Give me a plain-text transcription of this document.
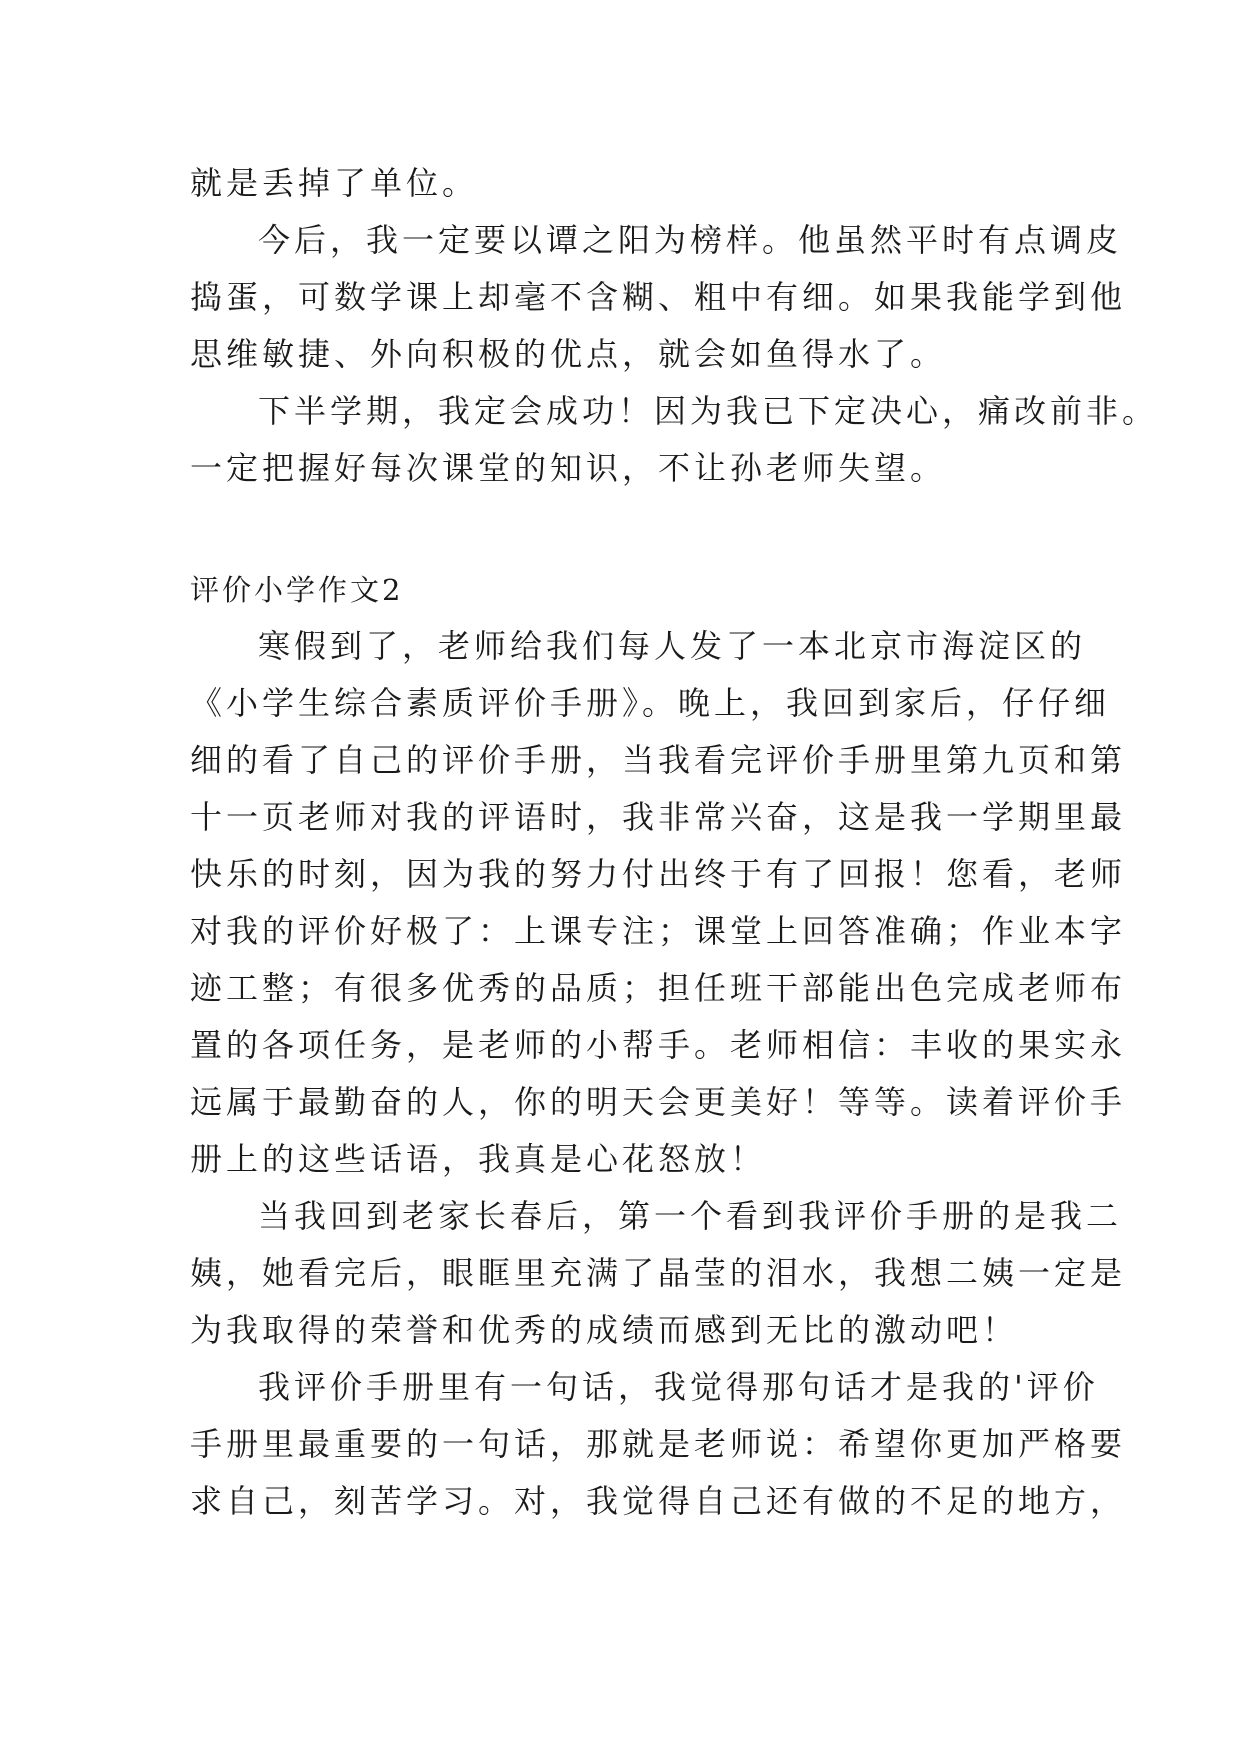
就是丢掉了单位。
今后，我一定要以谭之阳为榜样。他虽然平时有点调皮
捣蛋，可数学课上却毫不含糊、粗中有细。如果我能学到他
思维敏捷、外向积极的优点，就会如鱼得水了。
下半学期，我定会成功！因为我已下定决心，痛改前非。
一定把握好每次课堂的知识，不让孙老师失望。
评价小学作文2
寒假到了，老师给我们每人发了一本北京市海淀区的
《小学生综合素质评价手册》。晚上，我回到家后，仔仔细
细的看了自己的评价手册，当我看完评价手册里第九页和第
十一页老师对我的评语时，我非常兴奋，这是我一学期里最
快乐的时刻，因为我的努力付出终于有了回报！您看，老师
对我的评价好极了：上课专注；课堂上回答准确；作业本字
迹工整；有很多优秀的品质；担任班干部能出色完成老师布
置的各项任务，是老师的小帮手。老师相信：丰收的果实永
远属于最勤奋的人，你的明天会更美好！等等。读着评价手
册上的这些话语，我真是心花怒放！
当我回到老家长春后，第一个看到我评价手册的是我二
姨，她看完后，眼眶里充满了晶莹的泪水，我想二姨一定是
为我取得的荣誉和优秀的成绩而感到无比的激动吧！
我评价手册里有一句话，我觉得那句话才是我的'评价
手册里最重要的一句话，那就是老师说：希望你更加严格要
求自己，刻苦学习。对，我觉得自己还有做的不足的地方，
